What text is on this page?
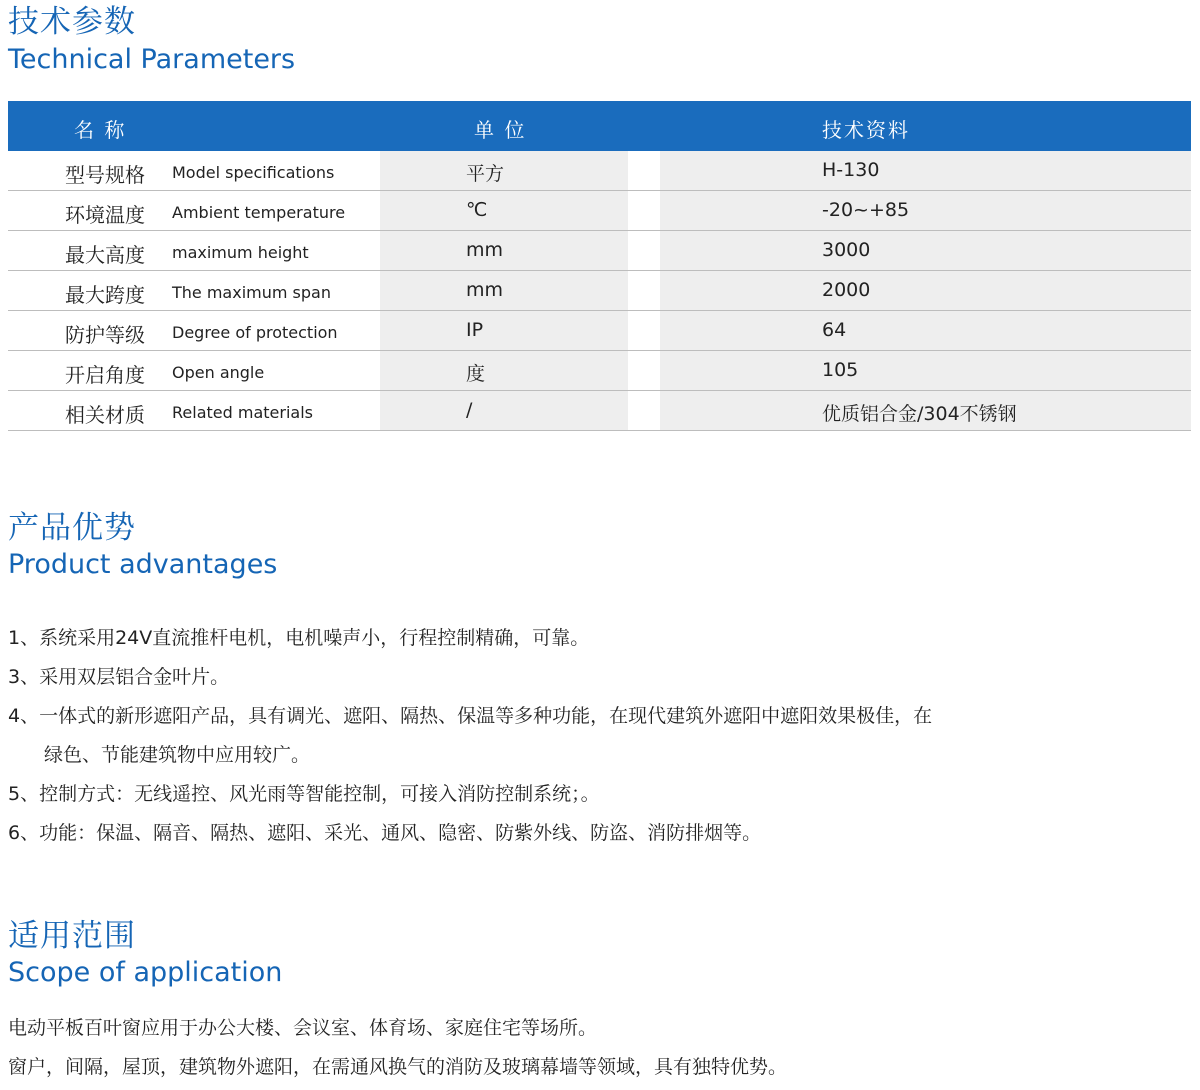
技术参数
Technical Parameters
名 称	单 位	技术资料
型号规格 Model specifications	平方	H-130
环境温度 Ambient temperature	℃	-20~+85
最大高度 maximum height	mm	3000
最大跨度 The maximum span	mm	2000
防护等级 Degree of protection	IP	64
开启角度 Open angle	度	105
相关材质 Related materials	/	优质铝合金/304不锈钢
产品优势
Product advantages
1、系统采用24V直流推杆电机，电机噪声小，行程控制精确，可靠。
3、采用双层铝合金叶片。
4、一体式的新形遮阳产品，具有调光、遮阳、隔热、保温等多种功能，在现代建筑外遮阳中遮阳效果极佳，在
绿色、节能建筑物中应用较广。
5、控制方式：无线遥控、风光雨等智能控制，可接入消防控制系统；。
6、功能：保温、隔音、隔热、遮阳、采光、通风、隐密、防紫外线、防盗、消防排烟等。
适用范围
Scope of application
电动平板百叶窗应用于办公大楼、会议室、体育场、家庭住宅等场所。
窗户，间隔，屋顶，建筑物外遮阳，在需通风换气的消防及玻璃幕墙等领域，具有独特优势。
